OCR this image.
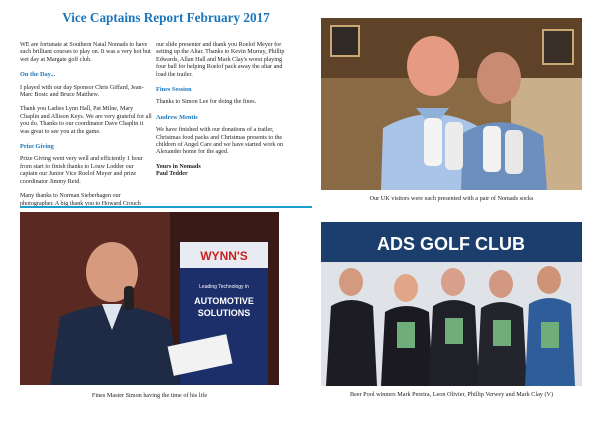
Vice Captains Report February 2017

WE are fortunate at Southern Natal Nomads to have such brilliant courses to play on. It was a very hot but wet day at Margate golf club.

On the Day...

I played with our day Sponsor Chris Giffard, Jean-Marc Bosic and Bruce Matthew.

Thank you Ladies Lynn Hall, Pat Milne, Mary Chaplin and Allison Keys. We are very grateful for all you do. Thanks to our coordinator Dave Chaplin it was great to see you at the game.

Prize Giving

Prize Giving went very well and efficiently 1 hour from start to finish thanks to Louw Lodder our captain our Junior Vice Roelof Meyer and prize coordinator Jimmy Reid.

Many thanks to Norman Sieberhagen our photographer. A big thank you to Howard Crouch

our slide presenter and thank you Roelof Meyer for setting up the Altar. Thanks to Kevin Murray, Phillip Edwards, Allan Hall and Mark Clay's worst playing four ball for helping Roelof pack away the altar and load the trailer.

Fines Session

Thanks to Simon Lee for doing the fines.

Andrew Mentis

We have finished with our donations of a trailer, Christmas food packs and Christmas presents to the children of Angel Care and we have started work on Alexander home for the aged.

Yours in Nomads
Paul Tedder
Our UK visitors were each presented with a pair of Nomads socks
WYNN'S
Leading Technology in
AUTOMOTIVE
SOLUTIONS
Fines Master Simon having the time of his life
ADS GOLF CLUB
Beer Pool winners Mark Pereira, Leon Olivier, Phillip Verwey and Mark Clay (V)
